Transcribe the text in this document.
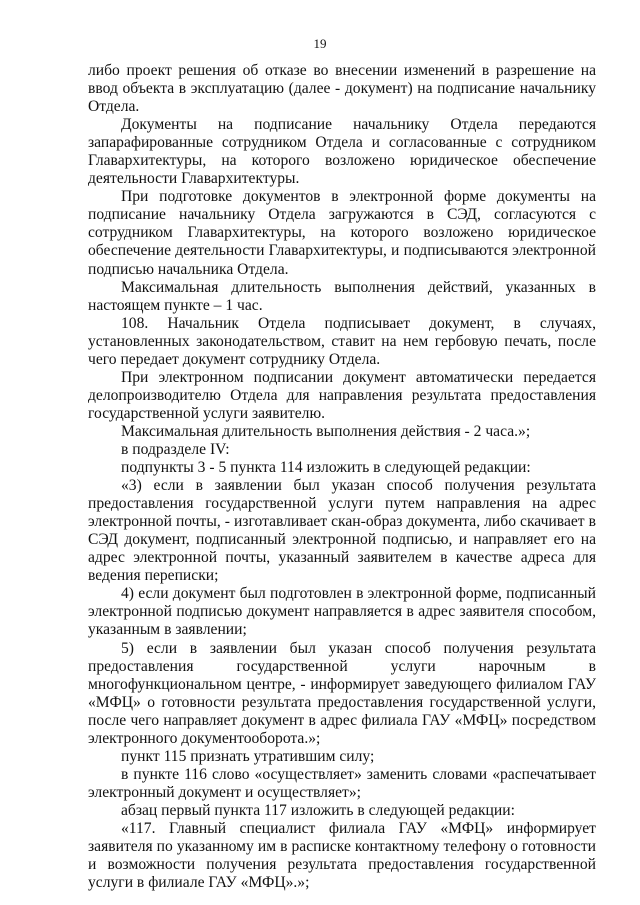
19

либо проект решения об отказе во внесении изменений в разрешение на ввод объекта в эксплуатацию (далее - документ) на подписание начальнику Отдела.

Документы на подписание начальнику Отдела передаются запарафированные сотрудником Отдела и согласованные с сотрудником Главархитектуры, на которого возложено юридическое обеспечение деятельности Главархитектуры.

При подготовке документов в электронной форме документы на подписание начальнику Отдела загружаются в СЭД, согласуются с сотрудником Главархитектуры, на которого возложено юридическое обеспечение деятельности Главархитектуры, и подписываются электронной подписью начальника Отдела.

Максимальная длительность выполнения действий, указанных в настоящем пункте – 1 час.

108. Начальник Отдела подписывает документ, в случаях, установленных законодательством, ставит на нем гербовую печать, после чего передает документ сотруднику Отдела.

При электронном подписании документ автоматически передается делопроизводителю Отдела для направления результата предоставления государственной услуги заявителю.

Максимальная длительность выполнения действия - 2 часа.»;

в подразделе IV:

подпункты 3 - 5 пункта 114 изложить в следующей редакции:

«3) если в заявлении был указан способ получения результата предоставления государственной услуги путем направления на адрес электронной почты, - изготавливает скан-образ документа, либо скачивает в СЭД документ, подписанный электронной подписью, и направляет его на адрес электронной почты, указанный заявителем в качестве адреса для ведения переписки;

4) если документ был подготовлен в электронной форме, подписанный электронной подписью документ направляется в адрес заявителя способом, указанным в заявлении;

5) если в заявлении был указан способ получения результата предоставления государственной услуги нарочным в многофункциональном центре, - информирует заведующего филиалом ГАУ «МФЦ» о готовности результата предоставления государственной услуги, после чего направляет документ в адрес филиала ГАУ «МФЦ» посредством электронного документооборота.»;

пункт 115 признать утратившим силу;

в пункте 116 слово «осуществляет» заменить словами «распечатывает электронный документ и осуществляет»;

абзац первый пункта 117 изложить в следующей редакции:

«117. Главный специалист филиала ГАУ «МФЦ» информирует заявителя по указанному им в расписке контактному телефону о готовности и возможности получения результата предоставления государственной услуги в филиале ГАУ «МФЦ».»;
